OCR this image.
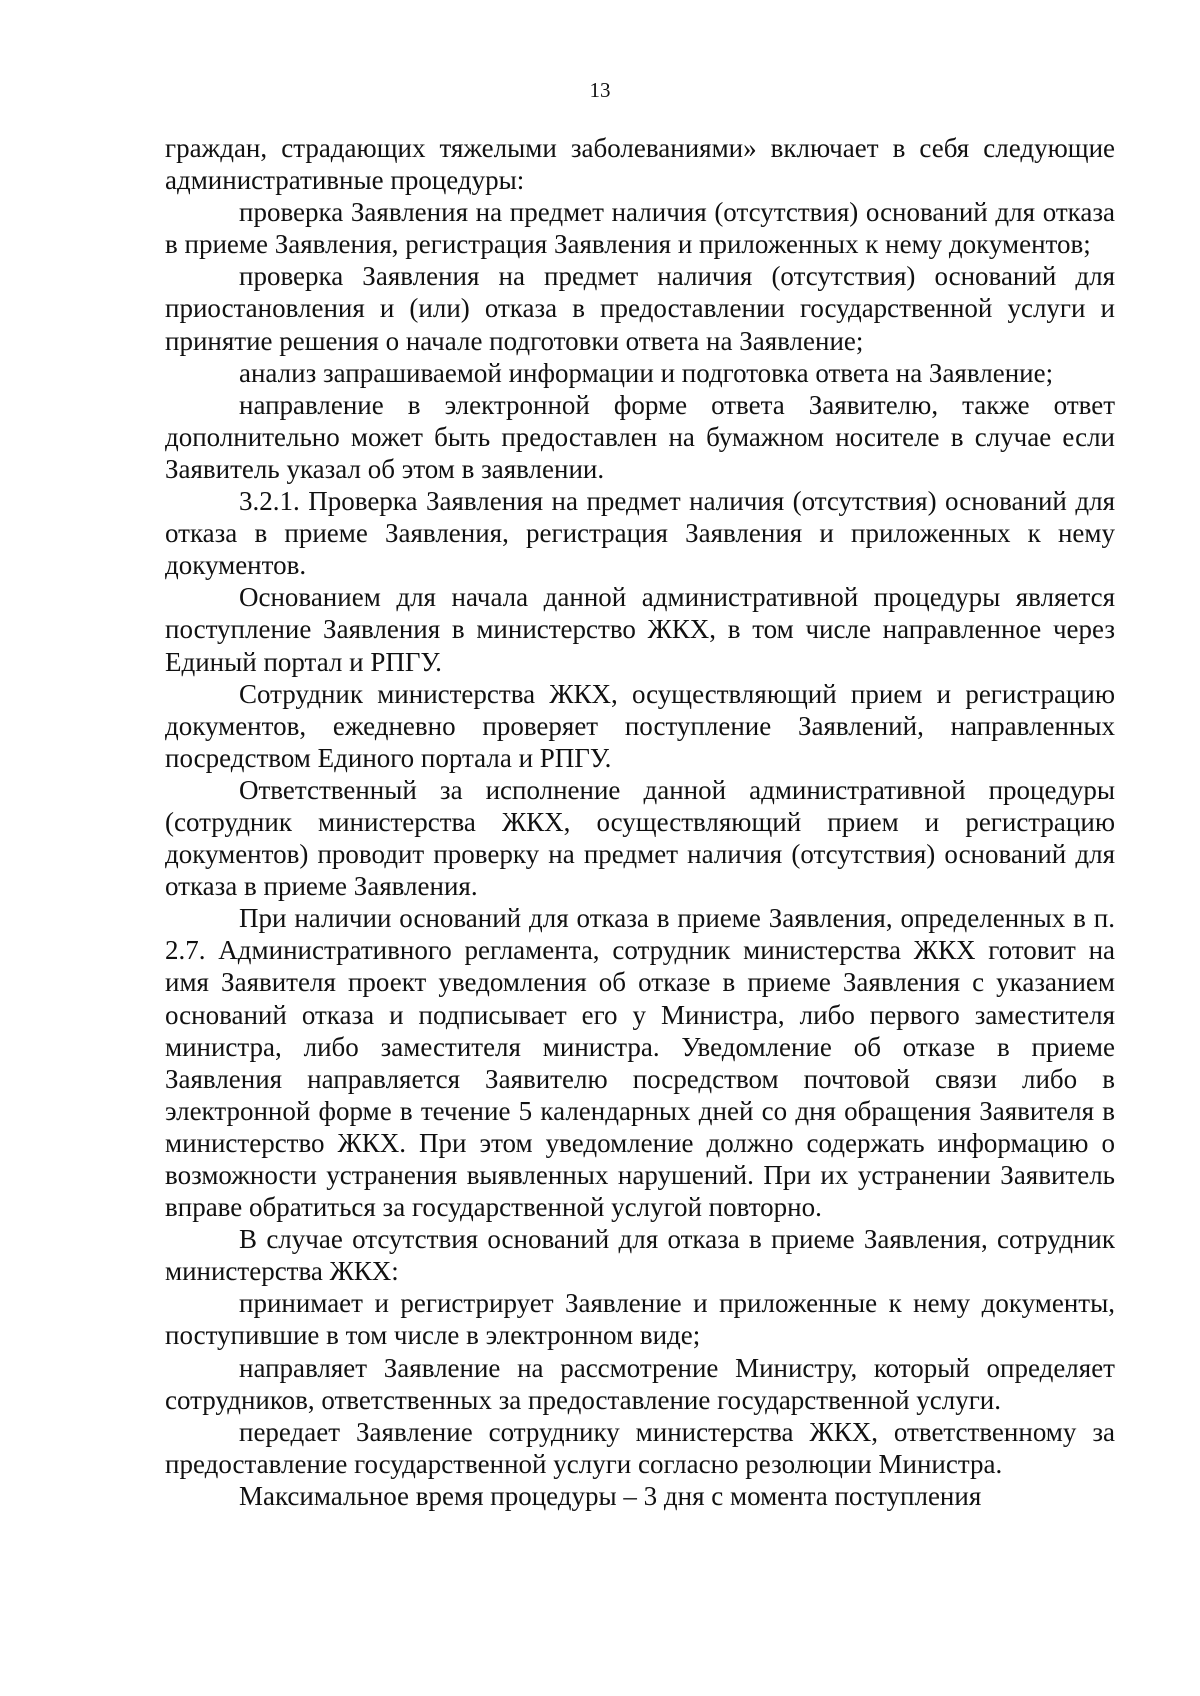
13

граждан, страдающих тяжелыми заболеваниями» включает в себя следующие административные процедуры:

проверка Заявления на предмет наличия (отсутствия) оснований для отказа в приеме Заявления, регистрация Заявления и приложенных к нему документов;

проверка Заявления на предмет наличия (отсутствия) оснований для приостановления и (или) отказа в предоставлении государственной услуги и принятие решения о начале подготовки ответа на Заявление;

анализ запрашиваемой информации и подготовка ответа на Заявление;

направление в электронной форме ответа Заявителю, также ответ дополнительно может быть предоставлен на бумажном носителе в случае если Заявитель указал об этом в заявлении.

3.2.1. Проверка Заявления на предмет наличия (отсутствия) оснований для отказа в приеме Заявления, регистрация Заявления и приложенных к нему документов.

Основанием для начала данной административной процедуры является поступление Заявления в министерство ЖКХ, в том числе направленное через Единый портал и РПГУ.

Сотрудник министерства ЖКХ, осуществляющий прием и регистрацию документов, ежедневно проверяет поступление Заявлений, направленных посредством Единого портала и РПГУ.

Ответственный за исполнение данной административной процедуры (сотрудник министерства ЖКХ, осуществляющий прием и регистрацию документов) проводит проверку на предмет наличия (отсутствия) оснований для отказа в приеме Заявления.

При наличии оснований для отказа в приеме Заявления, определенных в п. 2.7. Административного регламента, сотрудник министерства ЖКХ готовит на имя Заявителя проект уведомления об отказе в приеме Заявления с указанием оснований отказа и подписывает его у Министра, либо первого заместителя министра, либо заместителя министра. Уведомление об отказе в приеме Заявления направляется Заявителю посредством почтовой связи либо в электронной форме в течение 5 календарных дней со дня обращения Заявителя в министерство ЖКХ. При этом уведомление должно содержать информацию о возможности устранения выявленных нарушений. При их устранении Заявитель вправе обратиться за государственной услугой повторно.

В случае отсутствия оснований для отказа в приеме Заявления, сотрудник министерства ЖКХ:

принимает и регистрирует Заявление и приложенные к нему документы, поступившие в том числе в электронном виде;

направляет Заявление на рассмотрение Министру, который определяет сотрудников, ответственных за предоставление государственной услуги.

передает Заявление сотруднику министерства ЖКХ, ответственному за предоставление государственной услуги согласно резолюции Министра.

Максимальное время процедуры – 3 дня с момента поступления
